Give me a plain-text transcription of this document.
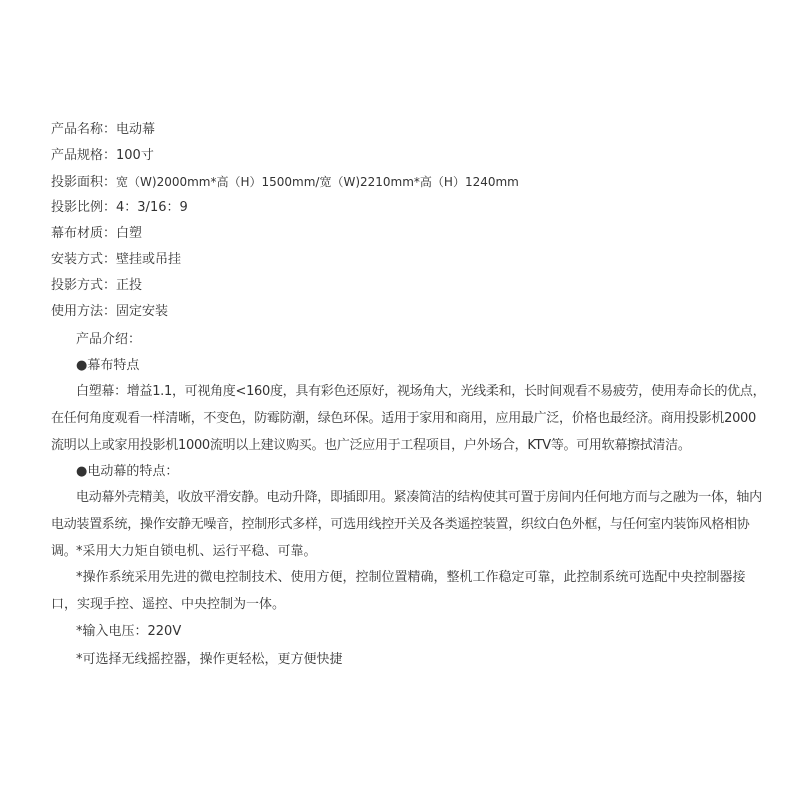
产品名称：电动幕
产品规格：100寸
投影面积：宽（W)2000mm*高（H）1500mm/宽（W)2210mm*高（H）1240mm
投影比例：4：3/16：9
幕布材质：白塑
安装方式：壁挂或吊挂
投影方式：正投
使用方法：固定安装
产品介绍：
●幕布特点

白塑幕：增益1.1，可视角度<160度，具有彩色还原好，视场角大，光线柔和，长时间观看不易疲劳，使用寿命长的优点，在任何角度观看一样清晰，不变色，防霉防潮，绿色环保。适用于家用和商用，应用最广泛，价格也最经济。商用投影机2000流明以上或家用投影机1000流明以上建议购买。也广泛应用于工程项目，户外场合，KTV等。可用软幕擦拭清洁。

●电动幕的特点：

电动幕外壳精美，收放平滑安静。电动升降，即插即用。紧凑简洁的结构使其可置于房间内任何地方而与之融为一体，轴内电动装置系统，操作安静无噪音，控制形式多样，可选用线控开关及各类遥控装置，织纹白色外框，与任何室内装饰风格相协调。 *采用大力矩自锁电机、运行平稳、可靠。
*操作系统采用先进的微电控制技术、使用方便，控制位置精确，整机工作稳定可靠，此控制系统可选配中央控制器接口，实现手控、遥控、中央控制为一体。
*输入电压：220V
*可选择无线摇控器，操作更轻松，更方便快捷
